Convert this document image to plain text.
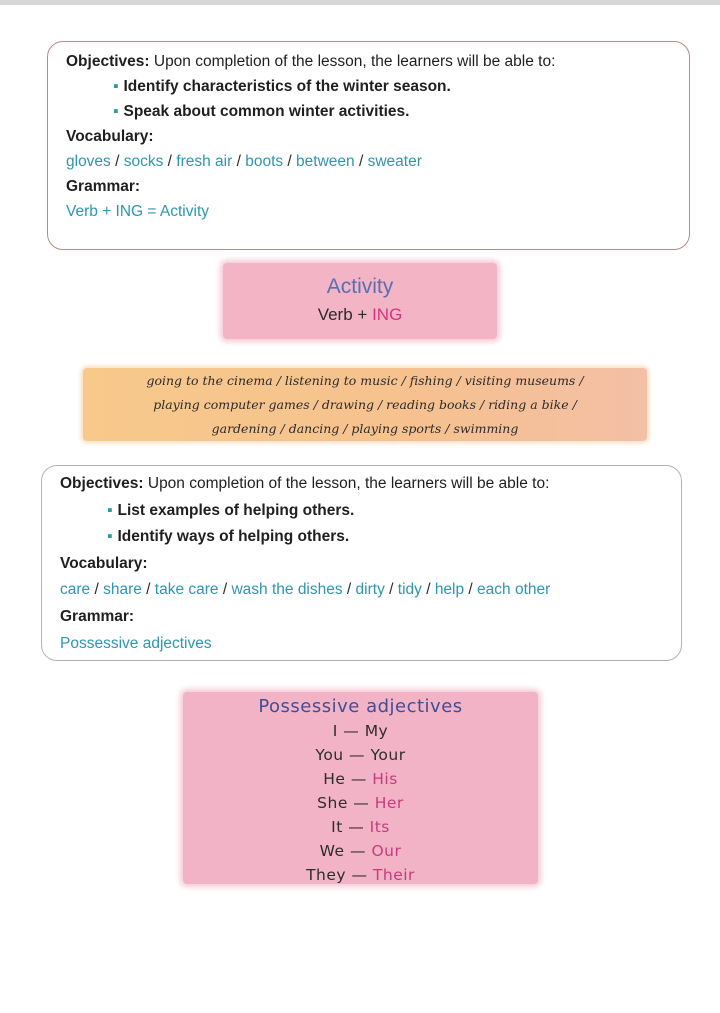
Objectives: Upon completion of the lesson, the learners will be able to:
▪ Identify characteristics of the winter season.
▪ Speak about common winter activities.
Vocabulary:
gloves / socks / fresh air / boots / between / sweater
Grammar:
Verb + ING = Activity
Activity
Verb + ING
going to the cinema / listening to music / fishing / visiting museums /
playing computer games / drawing / reading books / riding a bike /
gardening / dancing / playing sports / swimming
Objectives: Upon completion of the lesson, the learners will be able to:
▪ List examples of helping others.
▪ Identify ways of helping others.
Vocabulary:
care / share / take care / wash the dishes / dirty / tidy / help / each other
Grammar:
Possessive adjectives
Possessive adjectives
I — My
You — Your
He — His
She — Her
It — Its
We — Our
They — Their
